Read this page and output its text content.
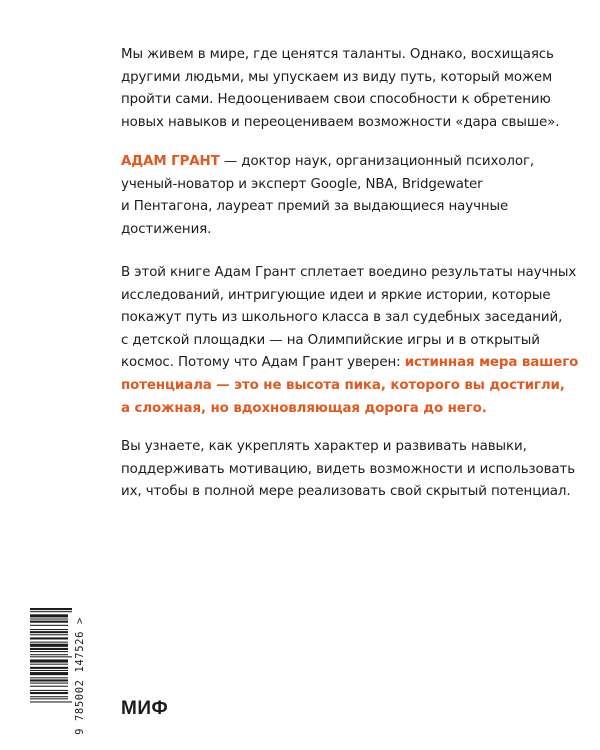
Мы живем в мире, где ценятся таланты. Однако, восхищаясь
другими людьми, мы упускаем из виду путь, который можем
пройти сами. Недооцениваем свои способности к обретению
новых навыков и переоцениваем возможности «дара свыше».

АДАМ ГРАНТ — доктор наук, организационный психолог,
ученый-новатор и эксперт Google, NBA, Bridgewater
и Пентагона, лауреат премий за выдающиеся научные
достижения.

В этой книге Адам Грант сплетает воедино результаты научных
исследований, интригующие идеи и яркие истории, которые
покажут путь из школьного класса в зал судебных заседаний,
с детской площадки — на Олимпийские игры и в открытый
космос. Потому что Адам Грант уверен: истинная мера вашего
потенциала — это не высота пика, которого вы достигли,
а сложная, но вдохновляющая дорога до него.

Вы узнаете, как укреплять характер и развивать навыки,
поддерживать мотивацию, видеть возможности и использовать
их, чтобы в полной мере реализовать свой скрытый потенциал.

9 785002 147526 > МИФ
